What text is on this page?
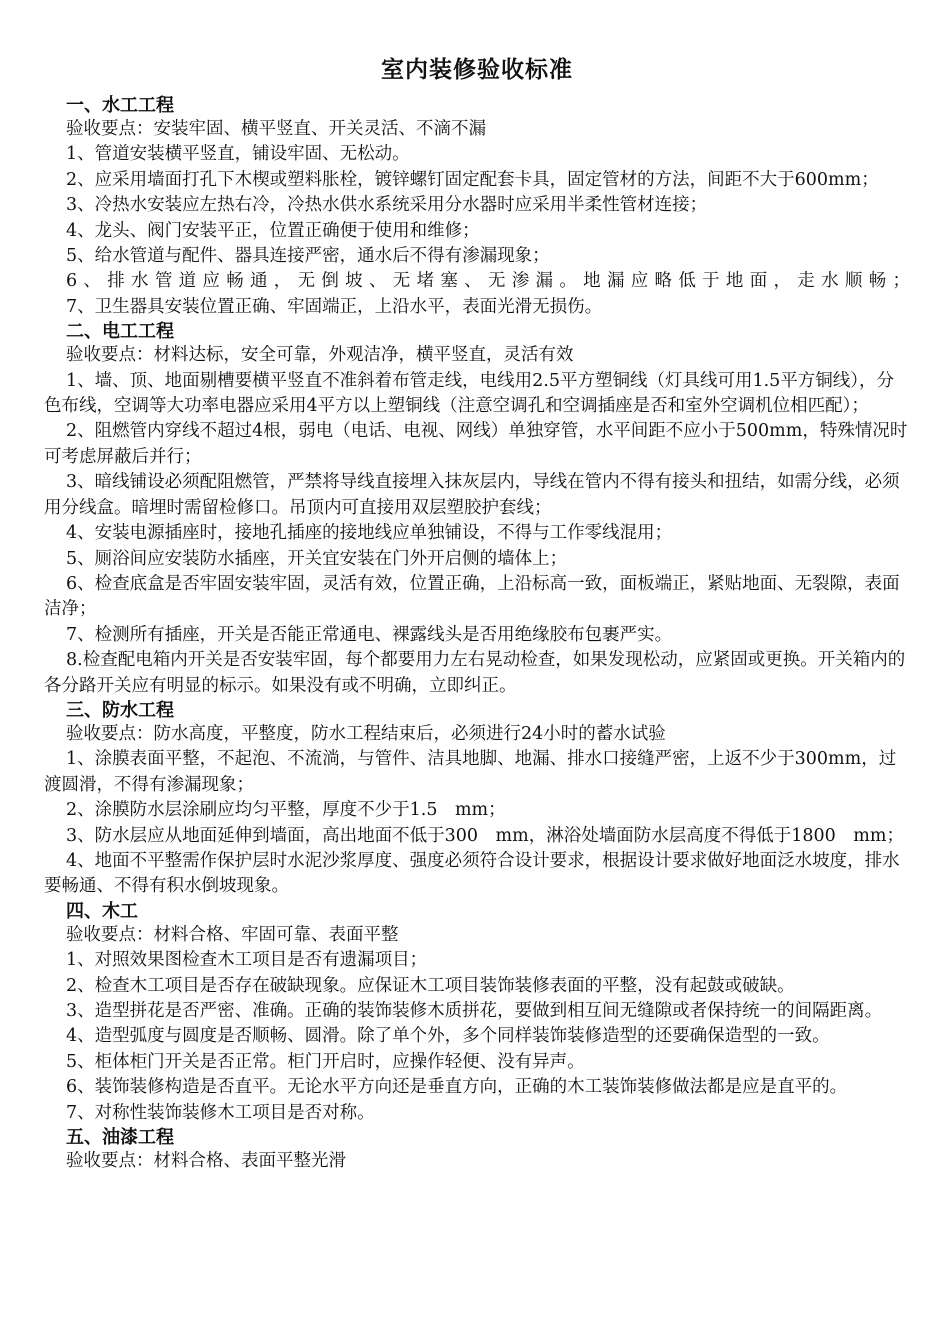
室内装修验收标准
一、水工工程

验收要点：安装牢固、横平竖直、开关灵活、不滴不漏

1、管道安装横平竖直，铺设牢固、无松动。

2、应采用墙面打孔下木楔或塑料胀栓，镀锌螺钉固定配套卡具，固定管材的方法，间距不大于600mm；

3、冷热水安装应左热右冷，冷热水供水系统采用分水器时应采用半柔性管材连接；

4、龙头、阀门安装平正，位置正确便于使用和维修；

5、给水管道与配件、器具连接严密，通水后不得有渗漏现象；

6、排水管道应畅通，无倒坡、无堵塞、无渗漏。地漏应略低于地面，走水顺畅；

7、卫生器具安装位置正确、牢固端正，上沿水平，表面光滑无损伤。

二、电工工程

验收要点：材料达标，安全可靠，外观洁净，横平竖直，灵活有效

1、墙、顶、地面剔槽要横平竖直不准斜着布管走线，电线用2.5平方塑铜线（灯具线可用1.5平方铜线），分色布线，空调等大功率电器应采用4平方以上塑铜线（注意空调孔和空调插座是否和室外空调机位相匹配）；

2、阻燃管内穿线不超过4根，弱电（电话、电视、网线）单独穿管，水平间距不应小于500mm，特殊情况时可考虑屏蔽后并行；

3、暗线铺设必须配阻燃管，严禁将导线直接埋入抹灰层内，导线在管内不得有接头和扭结，如需分线，必须用分线盒。暗埋时需留检修口。吊顶内可直接用双层塑胶护套线；

4、安装电源插座时，接地孔插座的接地线应单独铺设，不得与工作零线混用；

5、厕浴间应安装防水插座，开关宜安装在门外开启侧的墙体上；

6、检查底盒是否牢固安装牢固，灵活有效，位置正确，上沿标高一致，面板端正，紧贴地面、无裂隙，表面洁净；

7、检测所有插座，开关是否能正常通电、裸露线头是否用绝缘胶布包裹严实。

8.检查配电箱内开关是否安装牢固，每个都要用力左右晃动检查，如果发现松动，应紧固或更换。开关箱内的各分路开关应有明显的标示。如果没有或不明确，立即纠正。

三、防水工程

验收要点：防水高度，平整度，防水工程结束后，必须进行24小时的蓄水试验

1、涂膜表面平整，不起泡、不流淌，与管件、洁具地脚、地漏、排水口接缝严密，上返不少于300mm，过渡圆滑，不得有渗漏现象；

2、涂膜防水层涂刷应均匀平整，厚度不少于1.5　mm；

3、防水层应从地面延伸到墙面，高出地面不低于300　mm，淋浴处墙面防水层高度不得低于1800　mm；

4、地面不平整需作保护层时水泥沙浆厚度、强度必须符合设计要求，根据设计要求做好地面泛水坡度，排水要畅通、不得有积水倒坡现象。

四、木工

验收要点：材料合格、牢固可靠、表面平整

1、对照效果图检查木工项目是否有遗漏项目；

2、检查木工项目是否存在破缺现象。应保证木工项目装饰装修表面的平整，没有起鼓或破缺。

3、造型拼花是否严密、准确。正确的装饰装修木质拼花，要做到相互间无缝隙或者保持统一的间隔距离。

4、造型弧度与圆度是否顺畅、圆滑。除了单个外，多个同样装饰装修造型的还要确保造型的一致。

5、柜体柜门开关是否正常。柜门开启时，应操作轻便、没有异声。

6、装饰装修构造是否直平。无论水平方向还是垂直方向，正确的木工装饰装修做法都是应是直平的。

7、对称性装饰装修木工项目是否对称。

五、油漆工程

验收要点：材料合格、表面平整光滑
